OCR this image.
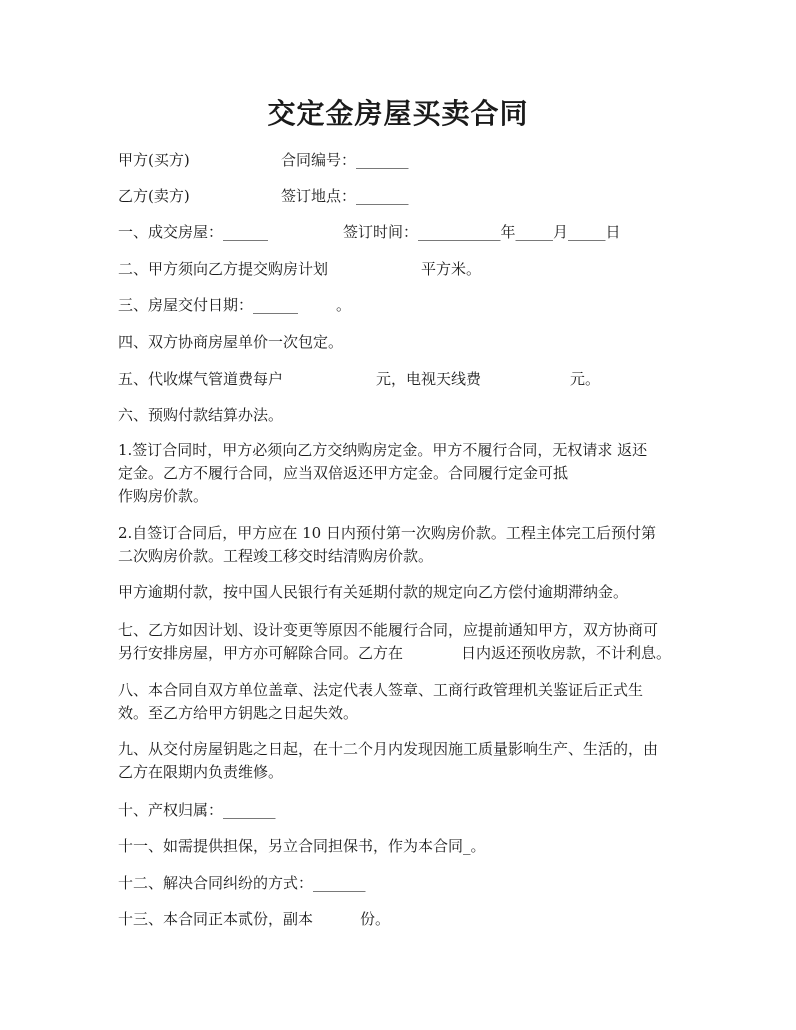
交定金房屋买卖合同
甲方(买方)	合同编号：_______
乙方(卖方)	签订地点：_______
一、成交房屋：______	签订时间：___________年_____月_____日
二、甲方须向乙方提交购房计划	平方米。
三、房屋交付日期：______	。
四、双方协商房屋单价一次包定。
五、代收煤气管道费每户	元，电视天线费	元。
六、预购付款结算办法。
1.签订合同时，甲方必须向乙方交纳购房定金。甲方不履行合同，无权请求 返还
定金。乙方不履行合同，应当双倍返还甲方定金。合同履行定金可抵
作购房价款。
2.自签订合同后，甲方应在 10 日内预付第一次购房价款。工程主体完工后预付第
二次购房价款。工程竣工移交时结清购房价款。
甲方逾期付款，按中国人民银行有关延期付款的规定向乙方偿付逾期滞纳金。
七、乙方如因计划、设计变更等原因不能履行合同，应提前通知甲方，双方协商可
另行安排房屋，甲方亦可解除合同。乙方在	日内返还预收房款，不计利息。
八、本合同自双方单位盖章、法定代表人签章、工商行政管理机关鉴证后正式生
效。至乙方给甲方钥匙之日起失效。
九、从交付房屋钥匙之日起，在十二个月内发现因施工质量影响生产、生活的，由
乙方在限期内负责维修。
十、产权归属：_______
十一、如需提供担保，另立合同担保书，作为本合同_。
十二、解决合同纠纷的方式：_______
十三、本合同正本贰份，副本	份。
